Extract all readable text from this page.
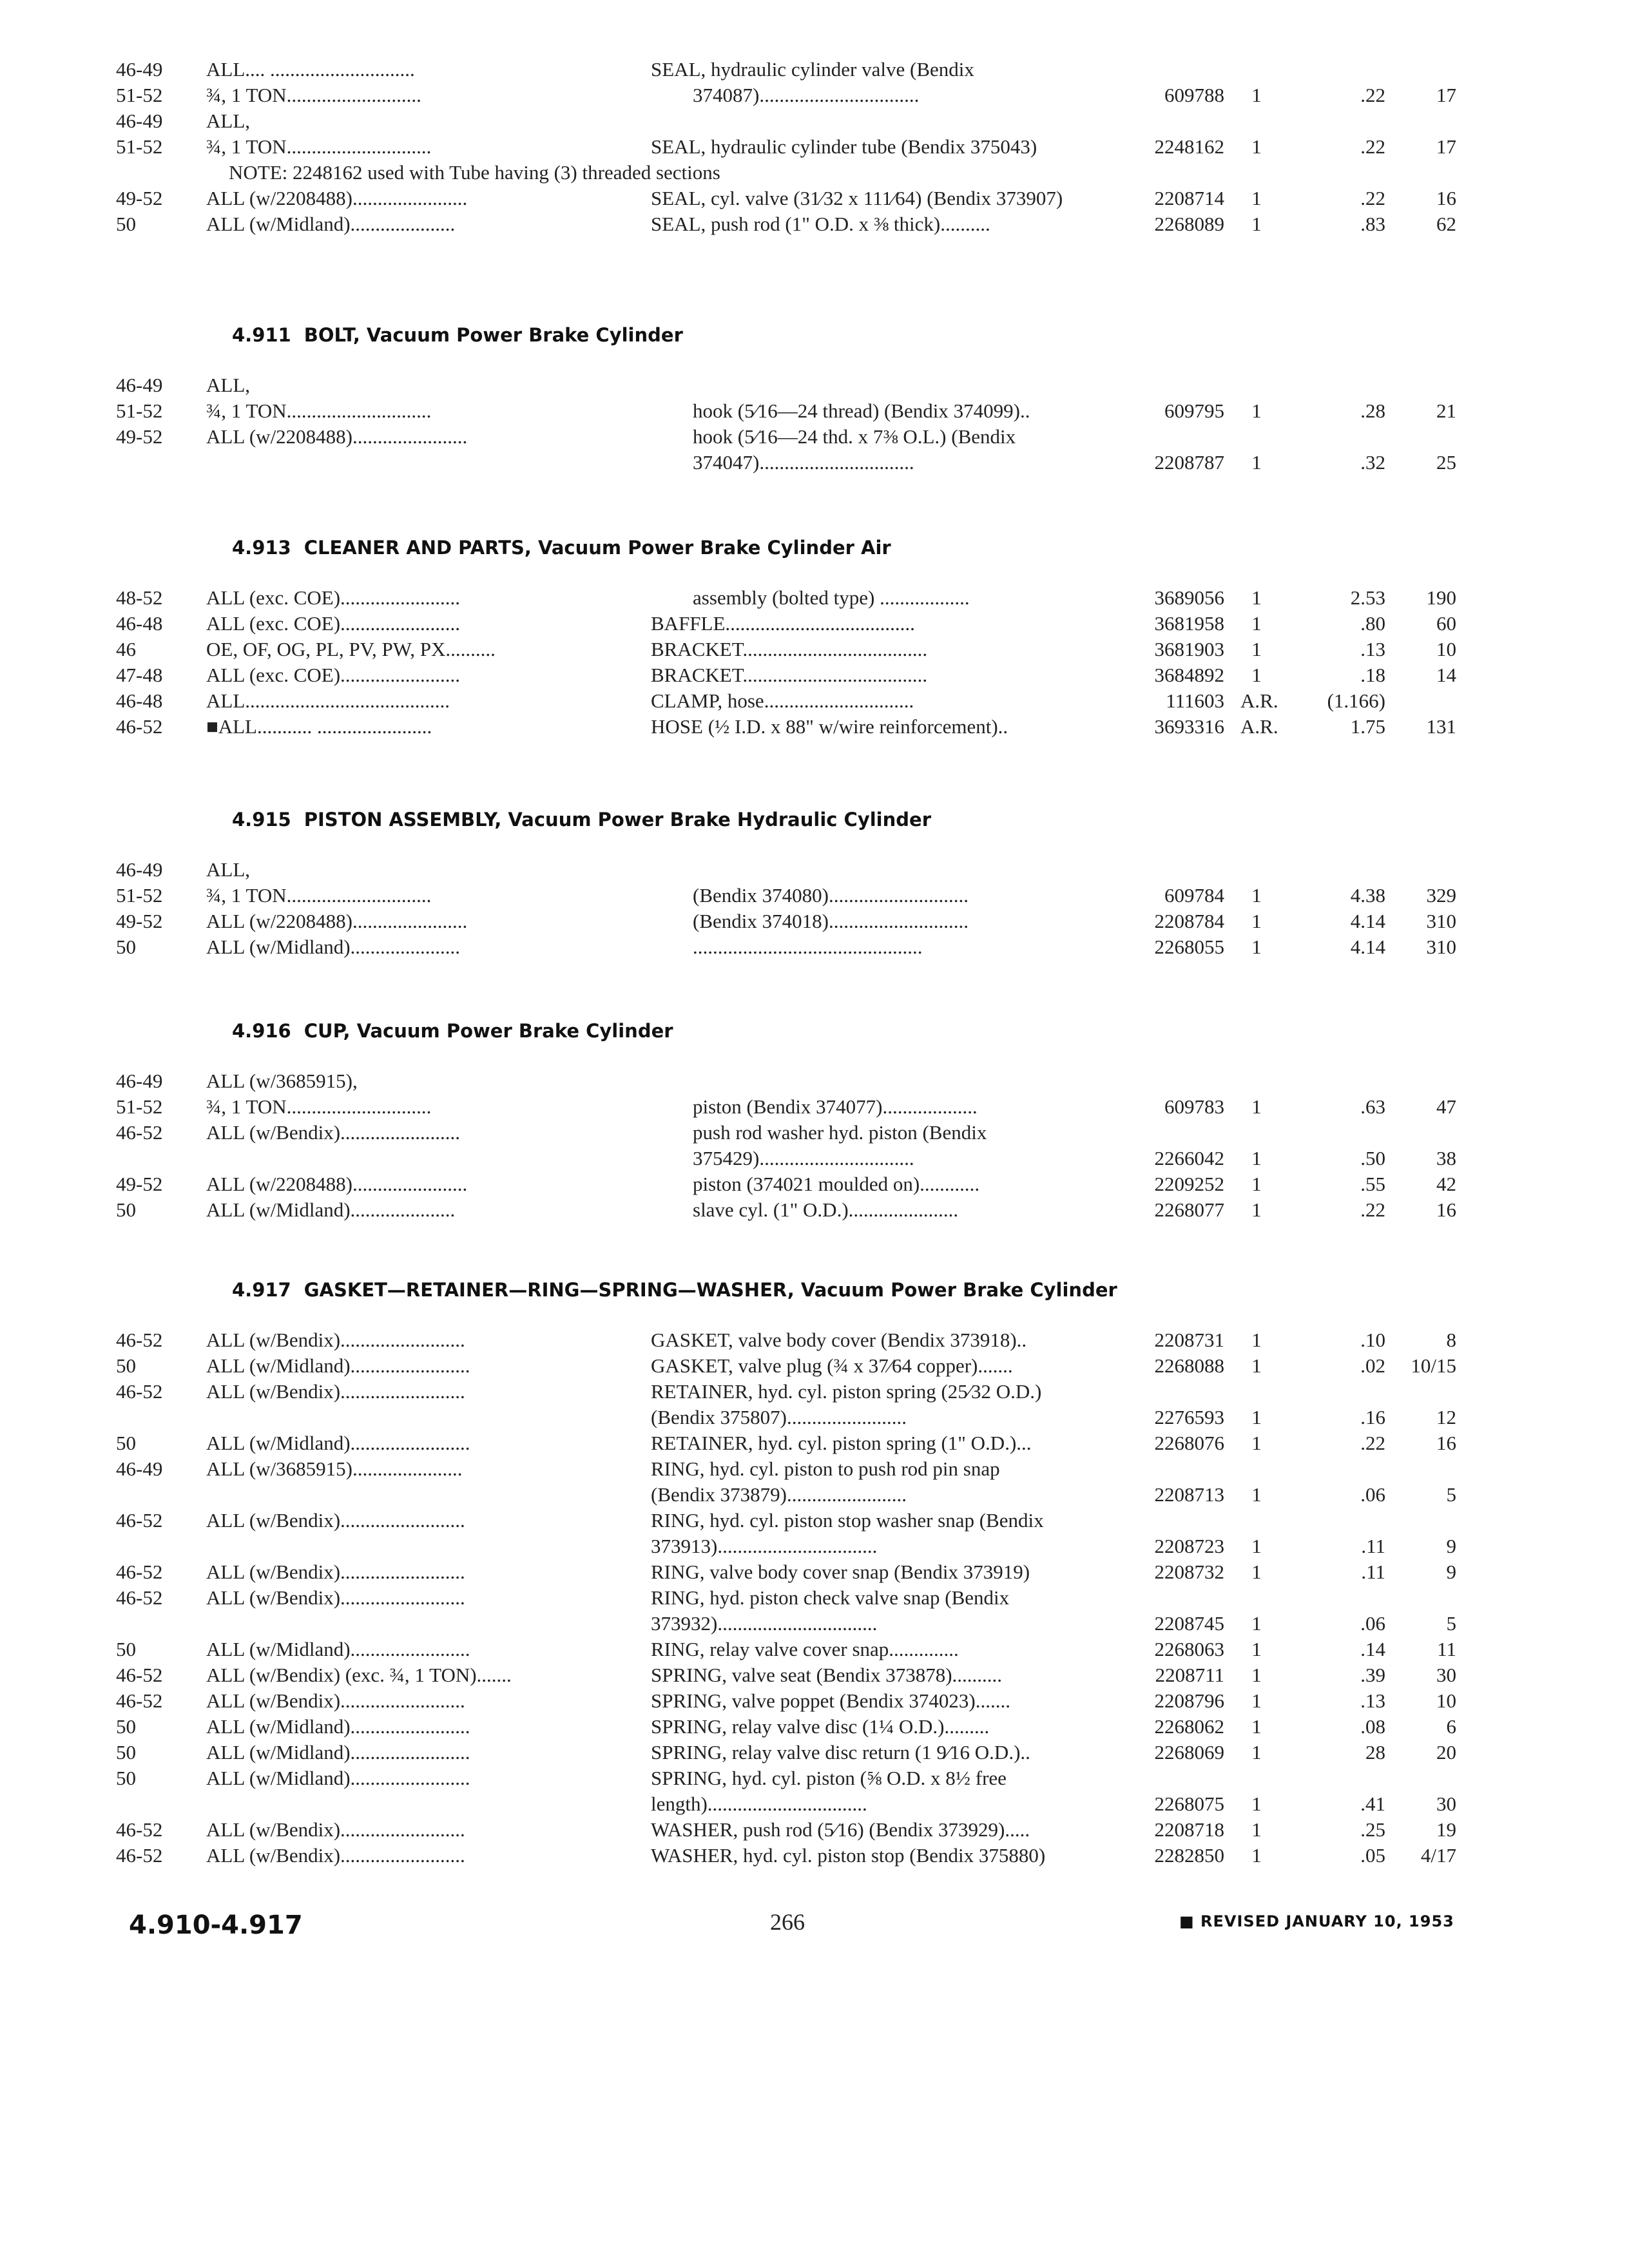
46-49 ALL.... .............................	SEAL, hydraulic cylinder valve (Bendix
51-52 ¾, 1 TON...........................	374087)................................	609788	1	.22	17
46-49 ALL,
51-52 ¾, 1 TON.............................	SEAL, hydraulic cylinder tube (Bendix 375043)	2248162	1	.22	17
NOTE: 2248162 used with Tube having (3) threaded sections
49-52 ALL (w/2208488).......................	SEAL, cyl. valve (31⁄32 x 111⁄64) (Bendix 373907)	2208714	1	.22	16
50	ALL (w/Midland).....................	SEAL, push rod (1" O.D. x ⅜ thick)..........	2268089	1	.83	62
4.911 BOLT, Vacuum Power Brake Cylinder
46-49 ALL,
51-52 ¾, 1 TON.............................	hook (5⁄16—24 thread) (Bendix 374099)..	609795	1	.28	21
49-52 ALL (w/2208488).......................	hook (5⁄16—24 thd. x 7⅜ O.L.) (Bendix
374047)...............................	2208787	1	.32	25
4.913 CLEANER AND PARTS, Vacuum Power Brake Cylinder Air
48-52 ALL (exc. COE)........................	assembly (bolted type) ..................	3689056	1	2.53	190
46-48 ALL (exc. COE)........................	BAFFLE......................................	3681958	1	.80	60
46	OE, OF, OG, PL, PV, PW, PX..........	BRACKET.....................................	3681903	1	.13	10
47-48 ALL (exc. COE)........................	BRACKET.....................................	3684892	1	.18	14
46-48 ALL.........................................	CLAMP, hose..............................	111603 A.R.	(1.166)
46-52 ■ALL........... .......................	HOSE (½ I.D. x 88" w/wire reinforcement)..	3693316 A.R.	1.75	131
4.915 PISTON ASSEMBLY, Vacuum Power Brake Hydraulic Cylinder
46-49 ALL,
51-52 ¾, 1 TON.............................	(Bendix 374080)............................	609784	1	4.38	329
49-52 ALL (w/2208488).......................	(Bendix 374018)............................	2208784	1	4.14	310
50	ALL (w/Midland)......................	..............................................	2268055	1	4.14	310
4.916 CUP, Vacuum Power Brake Cylinder
46-49 ALL (w/3685915),
51-52 ¾, 1 TON.............................	piston (Bendix 374077)...................	609783	1	.63	47
46-52 ALL (w/Bendix)........................	push rod washer hyd. piston (Bendix
375429)...............................	2266042	1	.50	38
49-52 ALL (w/2208488).......................	piston (374021 moulded on)............	2209252	1	.55	42
50	ALL (w/Midland).....................	slave cyl. (1" O.D.)......................	2268077	1	.22	16
4.917 GASKET—RETAINER—RING—SPRING—WASHER, Vacuum Power Brake Cylinder
46-52 ALL (w/Bendix).........................	GASKET, valve body cover (Bendix 373918)..	2208731	1	.10	8
50	ALL (w/Midland)........................	GASKET, valve plug (¾ x 37⁄64 copper).......	2268088	1	.02	10/15
46-52 ALL (w/Bendix).........................	RETAINER, hyd. cyl. piston spring (25⁄32 O.D.)
(Bendix 375807)........................	2276593	1	.16	12
50	ALL (w/Midland)........................	RETAINER, hyd. cyl. piston spring (1" O.D.)...	2268076	1	.22	16
46-49 ALL (w/3685915)......................	RING, hyd. cyl. piston to push rod pin snap
(Bendix 373879)........................	2208713	1	.06	5
46-52 ALL (w/Bendix).........................	RING, hyd. cyl. piston stop washer snap (Bendix
373913)................................	2208723	1	.11	9
46-52 ALL (w/Bendix).........................	RING, valve body cover snap (Bendix 373919)	2208732	1	.11	9
46-52 ALL (w/Bendix).........................	RING, hyd. piston check valve snap (Bendix
373932)................................	2208745	1	.06	5
50	ALL (w/Midland)........................	RING, relay valve cover snap..............	2268063	1	.14	11
46-52 ALL (w/Bendix) (exc. ¾, 1 TON).......	SPRING, valve seat (Bendix 373878)..........	2208711	1	.39	30
46-52 ALL (w/Bendix).........................	SPRING, valve poppet (Bendix 374023).......	2208796	1	.13	10
50	ALL (w/Midland)........................	SPRING, relay valve disc (1¼ O.D.).........	2268062	1	.08	6
50	ALL (w/Midland)........................	SPRING, relay valve disc return (1 9⁄16 O.D.)..	2268069	1	28	20
50	ALL (w/Midland)........................	SPRING, hyd. cyl. piston (⅝ O.D. x 8½ free
length)................................	2268075	1	.41	30
46-52 ALL (w/Bendix).........................	WASHER, push rod (5⁄16) (Bendix 373929).....	2208718	1	.25	19
46-52 ALL (w/Bendix).........................	WASHER, hyd. cyl. piston stop (Bendix 375880)	2282850	1	.05	4/17
4.910-4.917	266	■ REVISED JANUARY 10, 1953
